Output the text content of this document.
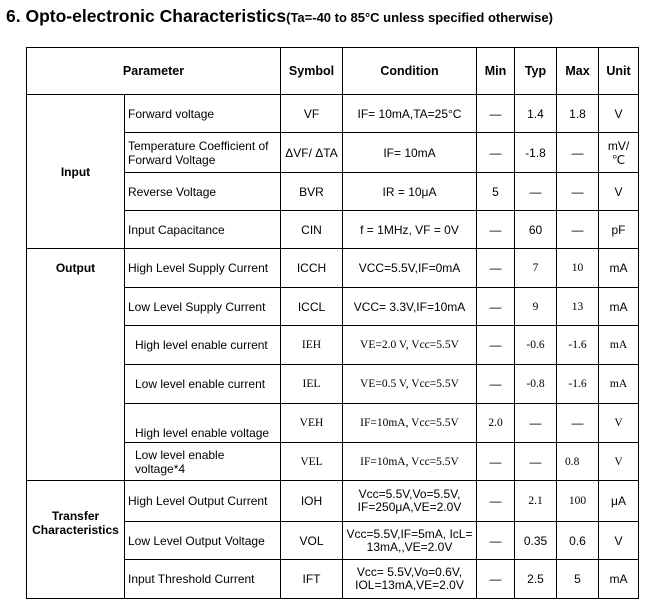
6. Opto-electronic Characteristics(Ta=-40 to 85°C unless specified otherwise)
Parameter		Symbol	Condition	Min	Typ	Max	Unit
Input	Forward voltage	VF	IF= 10mA,TA=25°C	—	1.4	1.8	V
	Temperature Coefficient of Forward Voltage	ΔVF/ ΔTA	IF= 10mA	—	-1.8	—	mV/℃
	Reverse Voltage	BVR	IR = 10μA	5	—	—	V
	Input Capacitance	CIN	f = 1MHz, VF = 0V	—	60	—	pF
Output	High Level Supply Current	ICCH	VCC=5.5V,IF=0mA	—	7	10	mA
	Low Level Supply Current	ICCL	VCC= 3.3V,IF=10mA	—	9	13	mA
	High level enable current	IEH	VE=2.0 V, Vcc=5.5V	—	-0.6	-1.6	mA
	Low level enable current	IEL	VE=0.5 V, Vcc=5.5V	—	-0.8	-1.6	mA
	High level enable voltage	VEH	IF=10mA, Vcc=5.5V	2.0	—	—	V
	Low level enable voltage*4	VEL	IF=10mA, Vcc=5.5V	—	—	0.8	V
Transfer Characteristics	High Level Output Current	IOH	Vcc=5.5V,Vo=5.5V, IF=250μA,VE=2.0V	—	2.1	100	μA
	Low Level Output Voltage	VOL	Vcc=5.5V,IF=5mA, IcL= 13mA,,VE=2.0V	—	0.35	0.6	V
	Input Threshold Current	IFT	Vcc= 5.5V,Vo=0.6V, IOL=13mA,VE=2.0V	—	2.5	5	mA
